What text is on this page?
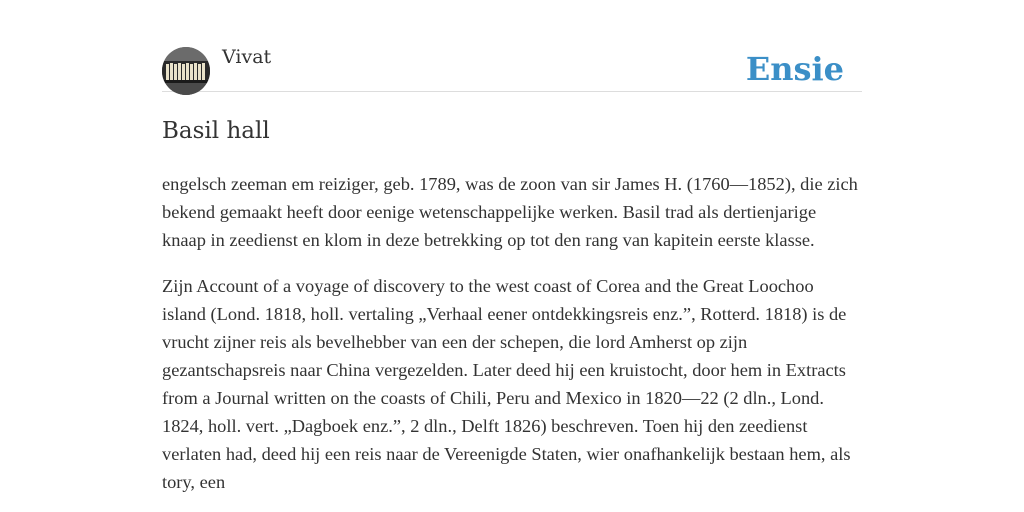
Vivat	Ensie
Basil hall

engelsch zeeman em reiziger, geb. 1789, was de zoon van sir James H. (1760—1852), die zich bekend gemaakt heeft door eenige wetenschappelijke werken. Basil trad als dertienjarige knaap in zeedienst en klom in deze betrekking op tot den rang van kapitein eerste klasse.

Zijn Account of a voyage of discovery to the west coast of Corea and the Great Loochoo island (Lond. 1818, holl. vertaling „Verhaal eener ontdekkingsreis enz.”, Rotterd. 1818) is de vrucht zijner reis als bevelhebber van een der schepen, die lord Amherst op zijn gezantschapsreis naar China vergezelden. Later deed hij een kruistocht, door hem in Extracts from a Journal written on the coasts of Chili, Peru and Mexico in 1820—22 (2 dln., Lond. 1824, holl. vert. „Dagboek enz.”, 2 dln., Delft 1826) beschreven. Toen hij den zeedienst verlaten had, deed hij een reis naar de Vereenigde Staten, wier onafhankelijk bestaan hem, als tory, een
